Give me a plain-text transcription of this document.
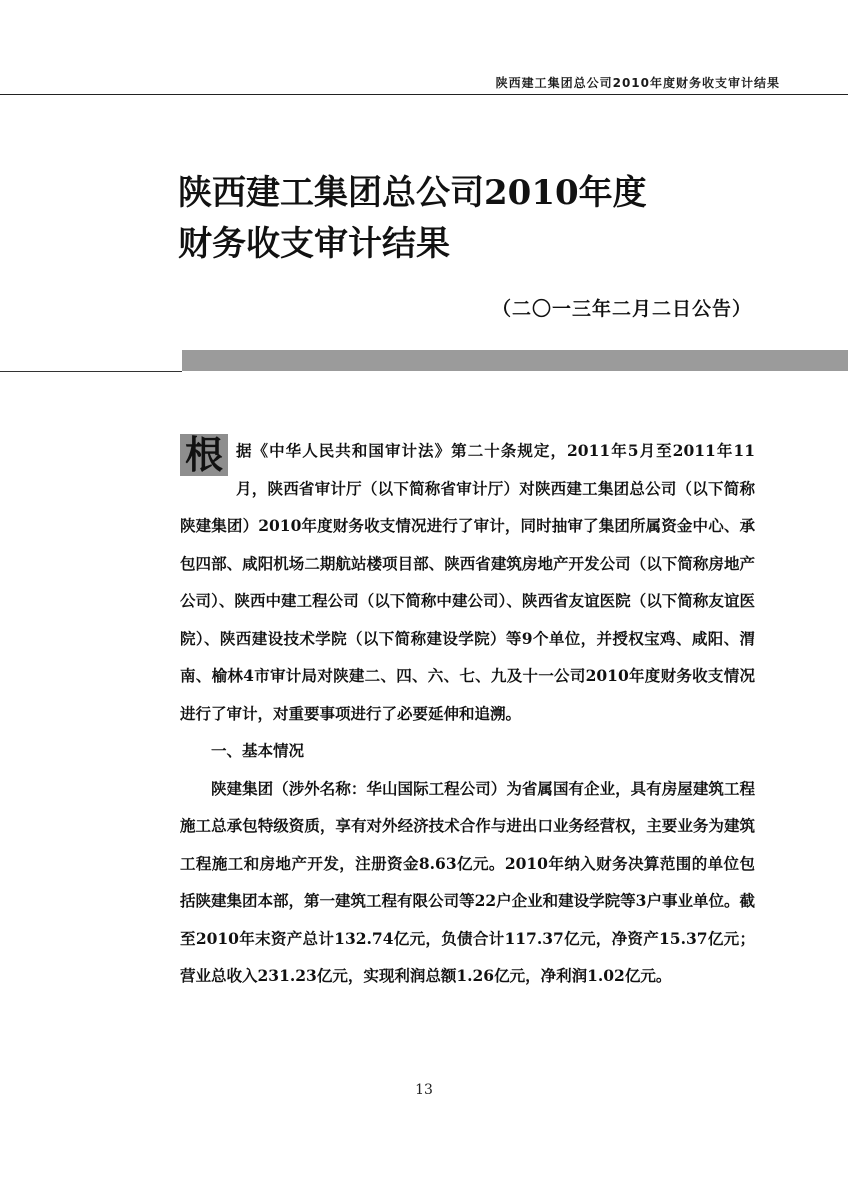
陕西建工集团总公司2010年度财务收支审计结果
陕西建工集团总公司2010年度
财务收支审计结果
（二〇一三年二月二日公告）

根 据《中华人民共和国审计法》第二十条规定，2011年5月至2011年11月，陕西省审计厅（以下简称省审计厅）对陕西建工集团总公司（以下简称陕建集团）2010年度财务收支情况进行了审计，同时抽审了集团所属资金中心、承包四部、咸阳机场二期航站楼项目部、陕西省建筑房地产开发公司（以下简称房地产公司）、陕西中建工程公司（以下简称中建公司）、陕西省友谊医院（以下简称友谊医院）、陕西建设技术学院（以下简称建设学院）等9个单位，并授权宝鸡、咸阳、渭南、榆林4市审计局对陕建二、四、六、七、九及十一公司2010年度财务收支情况进行了审计，对重要事项进行了必要延伸和追溯。

一、基本情况

陕建集团（涉外名称：华山国际工程公司）为省属国有企业，具有房屋建筑工程施工总承包特级资质，享有对外经济技术合作与进出口业务经营权，主要业务为建筑工程施工和房地产开发，注册资金8.63亿元。2010年纳入财务决算范围的单位包括陕建集团本部，第一建筑工程有限公司等22户企业和建设学院等3户事业单位。截至2010年末资产总计132.74亿元，负债合计117.37亿元，净资产15.37亿元；营业总收入231.23亿元，实现利润总额1.26亿元，净利润1.02亿元。

13
